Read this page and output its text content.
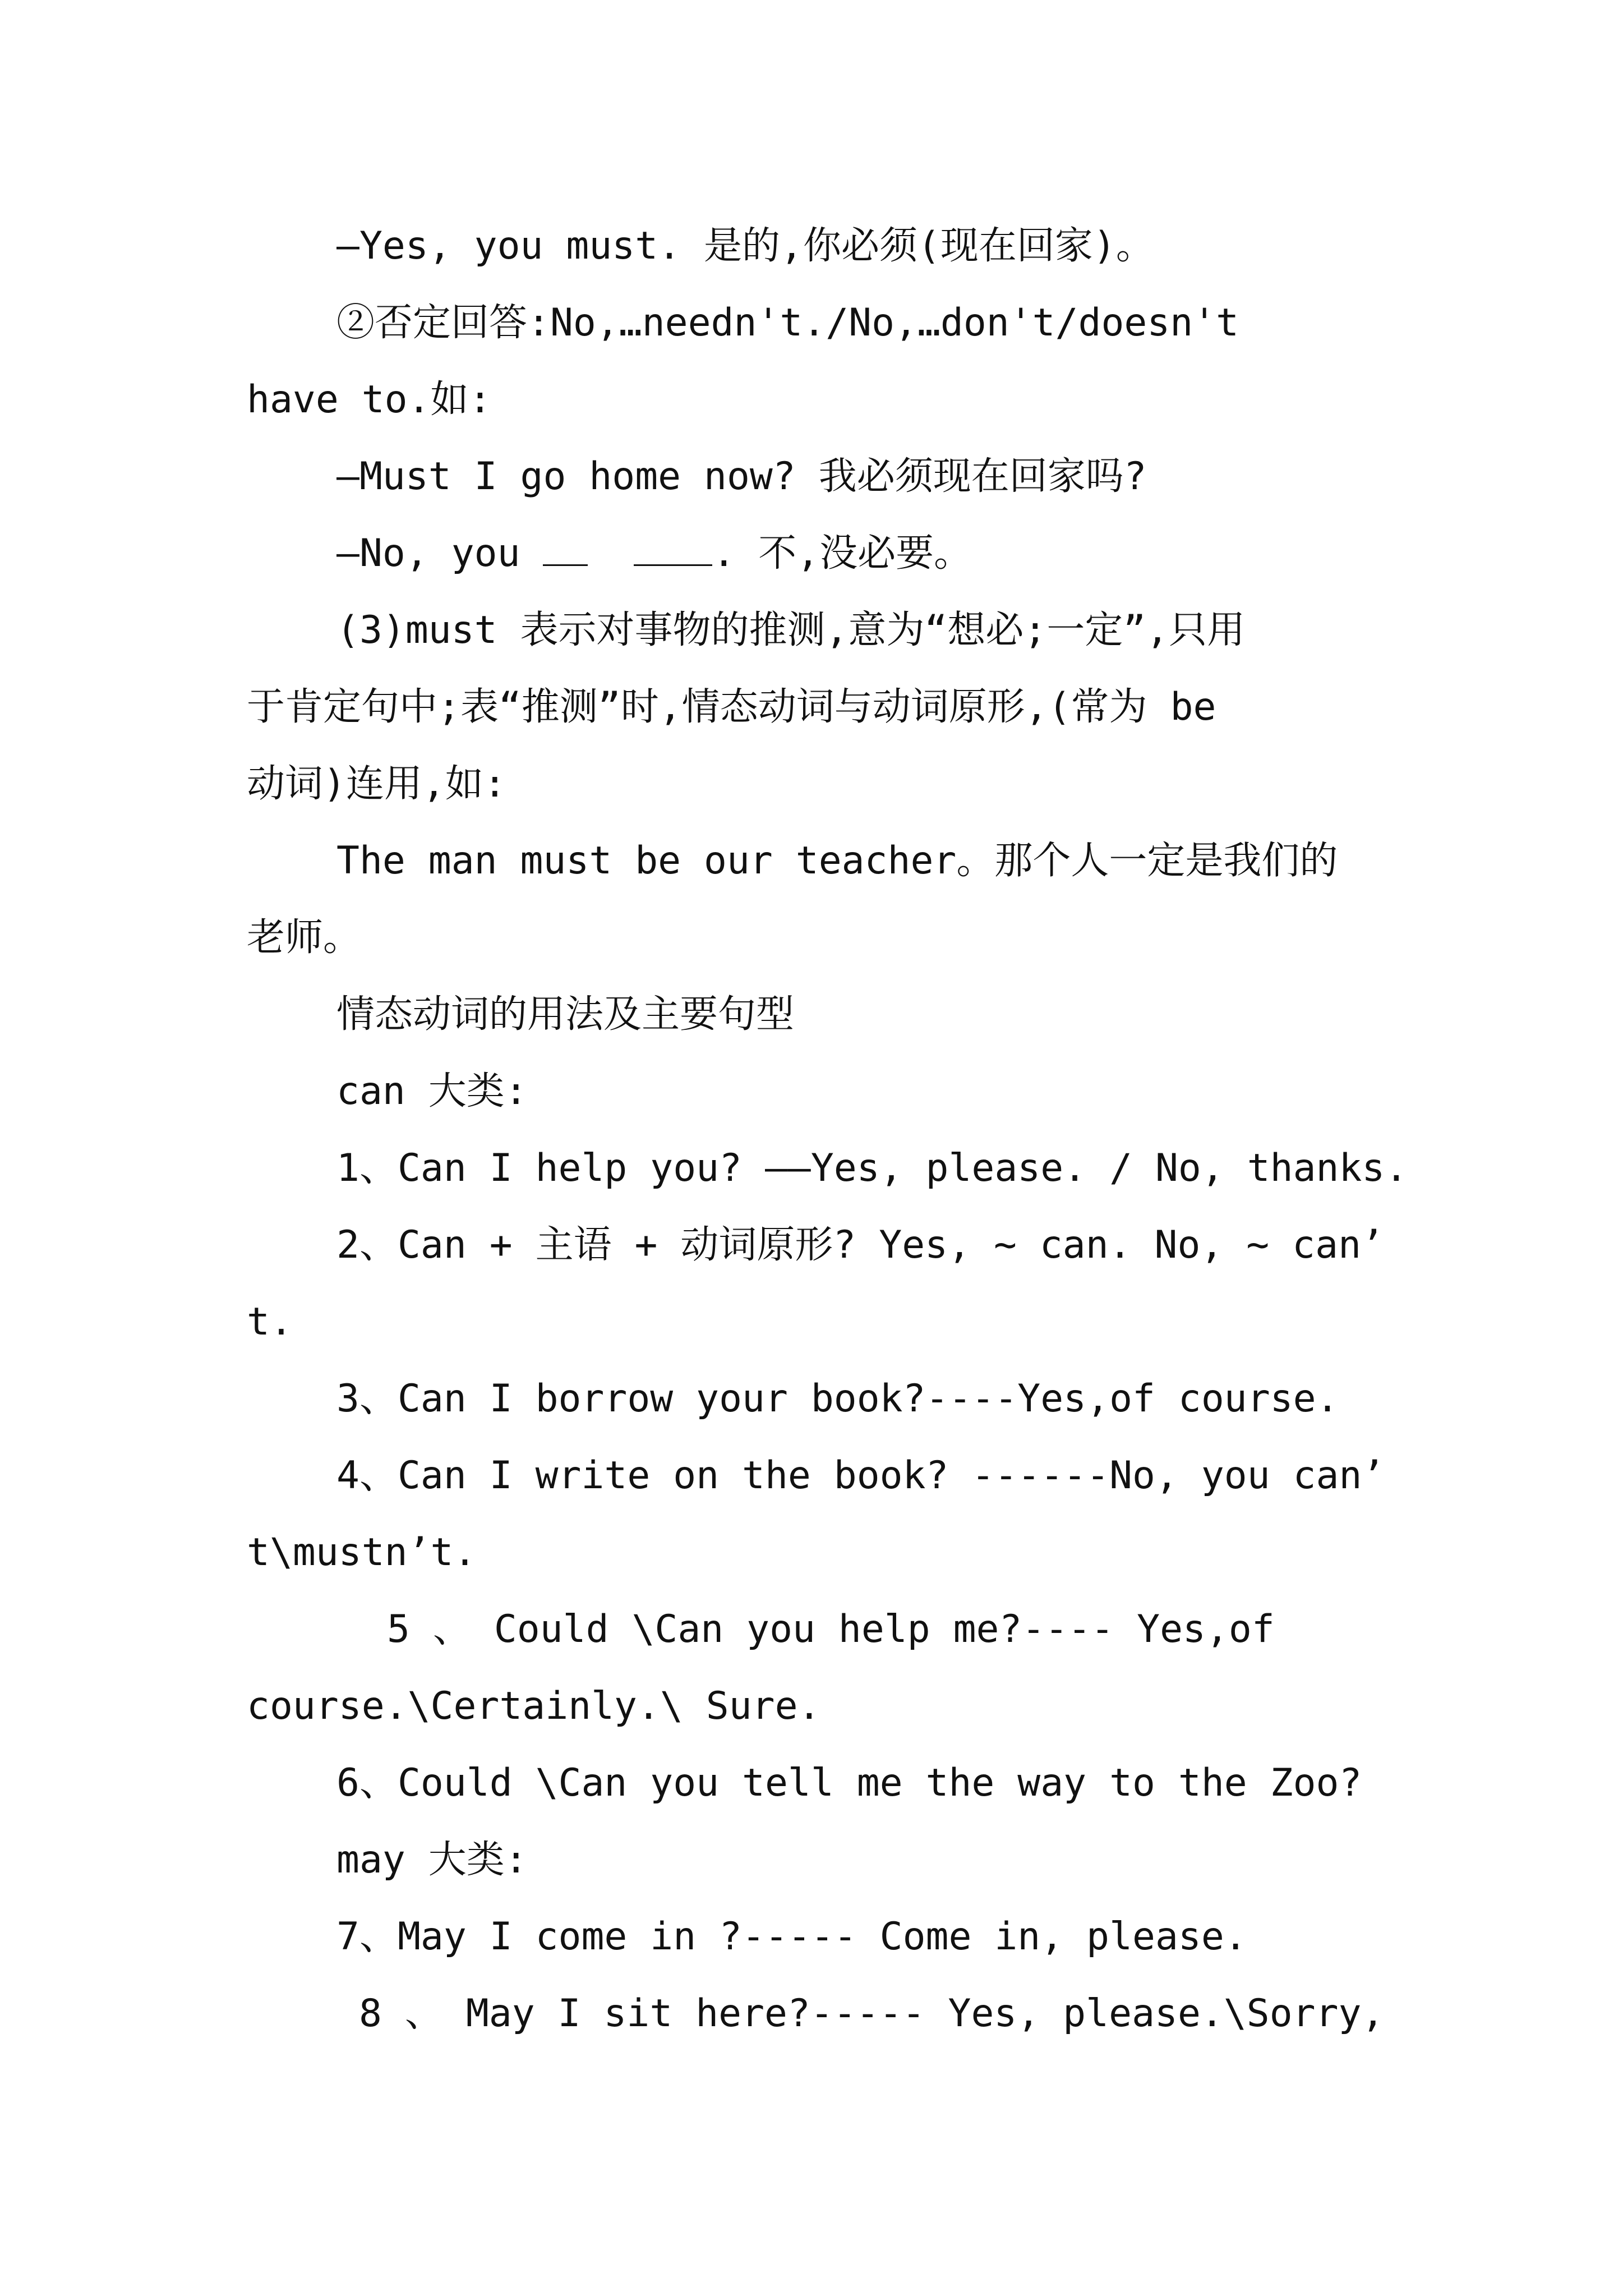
—Yes, you must. 是的,你必须(现在回家)。
②否定回答:No,…needn't./No,…don't/doesn't
have to.如:
—Must I go home now? 我必须现在回家吗?
—No, you	. 不,没必要。
(3)must 表示对事物的推测,意为“想必;一定”,只用
于肯定句中;表“推测”时,情态动词与动词原形,(常为 be
动词)连用,如:
The man must be our teacher。那个人一定是我们的
老师。
情态动词的用法及主要句型
can 大类:
1、Can I help you? ——Yes, please. / No, thanks.
2、Can + 主语 + 动词原形? Yes, ~ can. No, ~ can’
t.
3、Can I borrow your book?----Yes,of course.
4、Can I write on the book? ------No, you can’
t\mustn’t.
5 、 Could \Can you help me?---- Yes,of
course.\Certainly.\ Sure.
6、Could \Can you tell me the way to the Zoo?
may 大类:
7、May I come in ?----- Come in, please.
8 、 May I sit here?----- Yes, please.\Sorry,
